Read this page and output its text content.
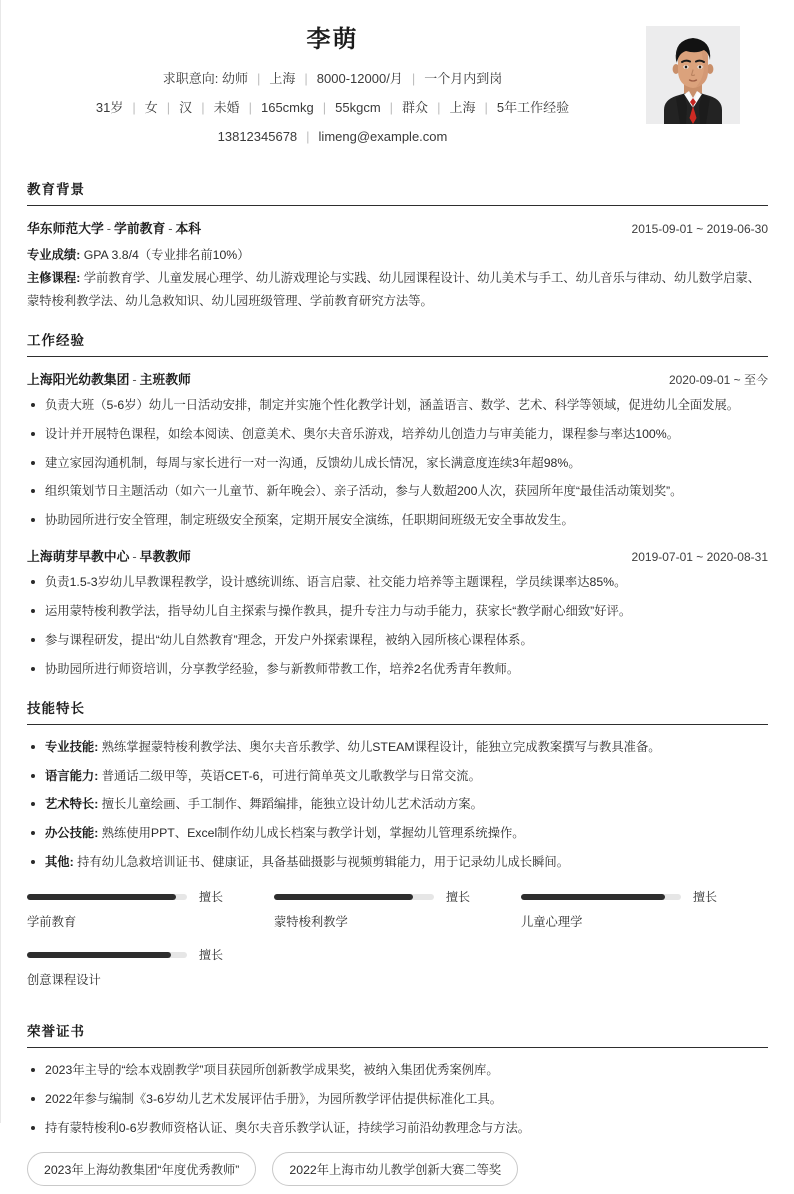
李萌
求职意向: 幼师 | 上海 | 8000-12000/月 | 一个月内到岗
31岁 | 女 | 汉 | 未婚 | 165cmkg | 55kgcm | 群众 | 上海 | 5年工作经验
13812345678 | limeng@example.com
教育背景
华东师范大学 - 学前教育 - 本科	2015-09-01 ~ 2019-06-30
专业成绩: GPA 3.8/4（专业排名前10%）
主修课程: 学前教育学、儿童发展心理学、幼儿游戏理论与实践、幼儿园课程设计、幼儿美术与手工、幼儿音乐与律动、幼儿数学启蒙、蒙特梭利教学法、幼儿急救知识、幼儿园班级管理、学前教育研究方法等。
工作经验
上海阳光幼教集团 - 主班教师	2020-09-01 ~ 至今
负责大班（5-6岁）幼儿一日活动安排，制定并实施个性化教学计划，涵盖语言、数学、艺术、科学等领域，促进幼儿全面发展。
设计并开展特色课程，如绘本阅读、创意美术、奥尔夫音乐游戏，培养幼儿创造力与审美能力，课程参与率达100%。
建立家园沟通机制，每周与家长进行一对一沟通，反馈幼儿成长情况，家长满意度连续3年超98%。
组织策划节日主题活动（如六一儿童节、新年晚会）、亲子活动，参与人数超200人次，获园所年度“最佳活动策划奖”。
协助园所进行安全管理，制定班级安全预案，定期开展安全演练，任职期间班级无安全事故发生。
上海萌芽早教中心 - 早教教师	2019-07-01 ~ 2020-08-31
负责1.5-3岁幼儿早教课程教学，设计感统训练、语言启蒙、社交能力培养等主题课程，学员续课率达85%。
运用蒙特梭利教学法，指导幼儿自主探索与操作教具，提升专注力与动手能力，获家长“教学耐心细致”好评。
参与课程研发，提出“幼儿自然教育”理念，开发户外探索课程，被纳入园所核心课程体系。
协助园所进行师资培训，分享教学经验，参与新教师带教工作，培养2名优秀青年教师。
技能特长
专业技能: 熟练掌握蒙特梭利教学法、奥尔夫音乐教学、幼儿STEAM课程设计，能独立完成教案撰写与教具准备。
语言能力: 普通话二级甲等，英语CET-6，可进行简单英文儿歌教学与日常交流。
艺术特长: 擅长儿童绘画、手工制作、舞蹈编排，能独立设计幼儿艺术活动方案。
办公技能: 熟练使用PPT、Excel制作幼儿成长档案与教学计划，掌握幼儿管理系统操作。
其他: 持有幼儿急救培训证书、健康证，具备基础摄影与视频剪辑能力，用于记录幼儿成长瞬间。
擅长
学前教育
擅长
蒙特梭利教学
擅长
儿童心理学
擅长
创意课程设计
荣誉证书
2023年主导的“绘本戏剧教学”项目获园所创新教学成果奖，被纳入集团优秀案例库。
2022年参与编制《3-6岁幼儿艺术发展评估手册》，为园所教学评估提供标准化工具。
持有蒙特梭利0-6岁教师资格认证、奥尔夫音乐教学认证，持续学习前沿幼教理念与方法。
2023年上海幼教集团“年度优秀教师”	2022年上海市幼儿教学创新大赛二等奖
